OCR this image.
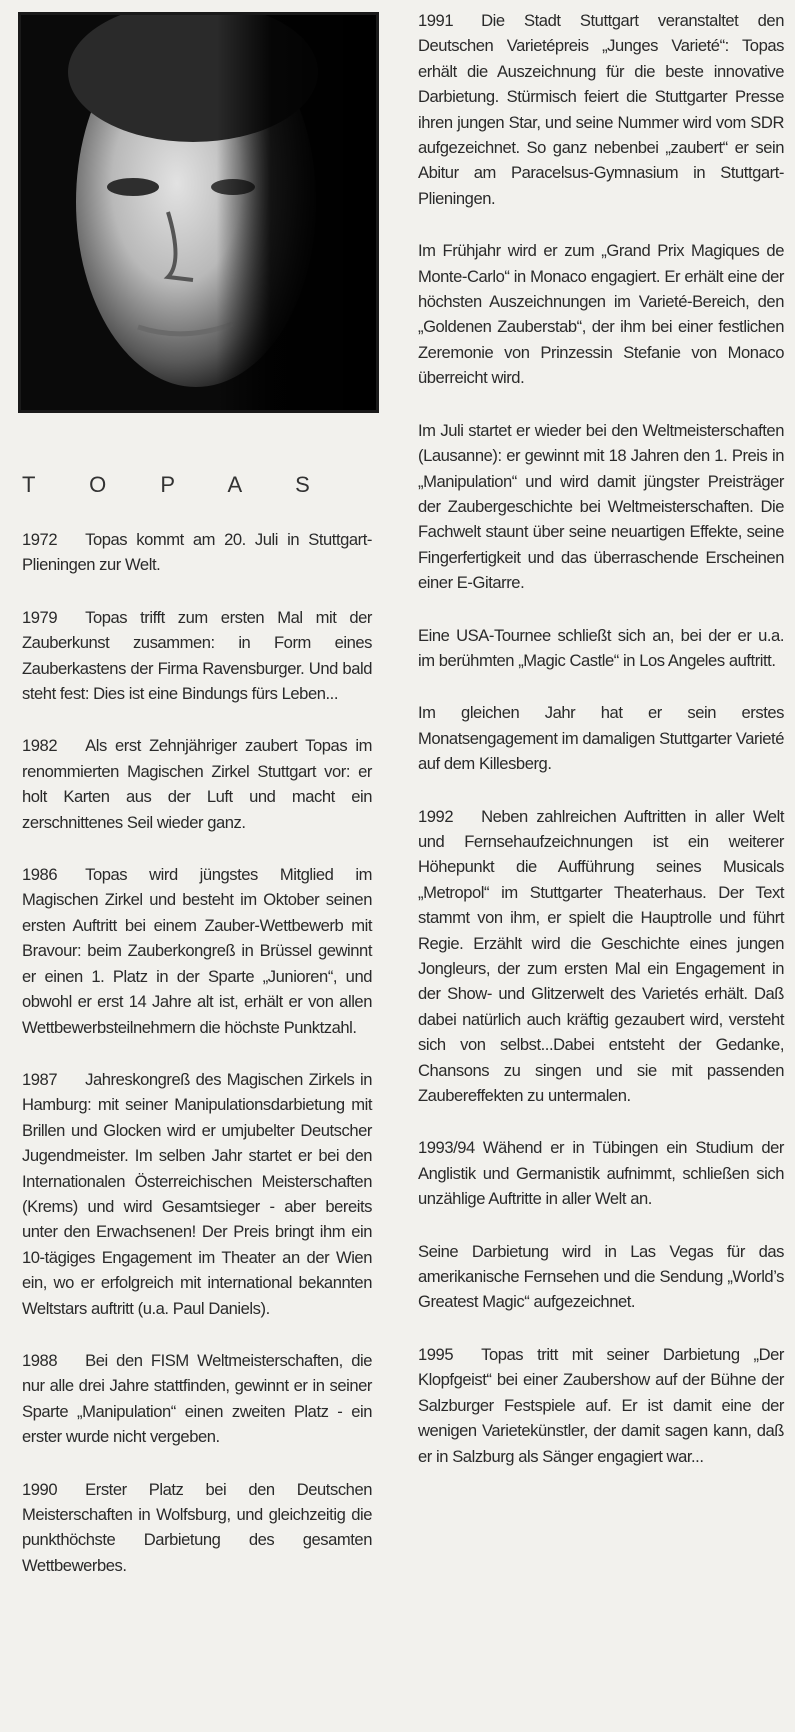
T O P A S

1972 Topas kommt am 20. Juli in Stuttgart-Plieningen zur Welt.

1979 Topas trifft zum ersten Mal mit der Zauberkunst zusammen: in Form eines Zauberkastens der Firma Ravensburger. Und bald steht fest: Dies ist eine Bindungs fürs Leben...

1982 Als erst Zehnjähriger zaubert Topas im renommierten Magischen Zirkel Stuttgart vor: er holt Karten aus der Luft und macht ein zerschnittenes Seil wieder ganz.

1986 Topas wird jüngstes Mitglied im Magischen Zirkel und besteht im Oktober seinen ersten Auftritt bei einem Zauber-Wettbewerb mit Bravour: beim Zauberkongreß in Brüssel gewinnt er einen 1. Platz in der Sparte „Junioren“, und obwohl er erst 14 Jahre alt ist, erhält er von allen Wettbewerbsteilnehmern die höchste Punktzahl.

1987 Jahreskongreß des Magischen Zirkels in Hamburg: mit seiner Manipulationsdarbietung mit Brillen und Glocken wird er umjubelter Deutscher Jugendmeister. Im selben Jahr startet er bei den Internationalen Österreichischen Meisterschaften (Krems) und wird Gesamtsieger - aber bereits unter den Erwachsenen! Der Preis bringt ihm ein 10-tägiges Engagement im Theater an der Wien ein, wo er erfolgreich mit international bekannten Weltstars auftritt (u.a. Paul Daniels).

1988 Bei den FISM Weltmeisterschaften, die nur alle drei Jahre stattfinden, gewinnt er in seiner Sparte „Manipulation“ einen zweiten Platz - ein erster wurde nicht vergeben.

1990 Erster Platz bei den Deutschen Meisterschaften in Wolfsburg, und gleichzeitig die punkthöchste Darbietung des gesamten Wettbewerbes.

1991 Die Stadt Stuttgart veranstaltet den Deutschen Varietépreis „Junges Varieté“: Topas erhält die Auszeichnung für die beste innovative Darbietung. Stürmisch feiert die Stuttgarter Presse ihren jungen Star, und seine Nummer wird vom SDR aufgezeichnet. So ganz nebenbei „zaubert“ er sein Abitur am Paracelsus-Gymnasium in Stuttgart-Plieningen.

Im Frühjahr wird er zum „Grand Prix Magiques de Monte-Carlo“ in Monaco engagiert. Er erhält eine der höchsten Auszeichnungen im Varieté-Bereich, den „Goldenen Zauberstab“, der ihm bei einer festlichen Zeremonie von Prinzessin Stefanie von Monaco überreicht wird.

Im Juli startet er wieder bei den Weltmeisterschaften (Lausanne): er gewinnt mit 18 Jahren den 1. Preis in „Manipulation“ und wird damit jüngster Preisträger der Zaubergeschichte bei Weltmeisterschaften. Die Fachwelt staunt über seine neuartigen Effekte, seine Fingerfertigkeit und das überraschende Erscheinen einer E-Gitarre.

Eine USA-Tournee schließt sich an, bei der er u.a. im berühmten „Magic Castle“ in Los Angeles auftritt.

Im gleichen Jahr hat er sein erstes Monatsengagement im damaligen Stuttgarter Varieté auf dem Killesberg.

1992 Neben zahlreichen Auftritten in aller Welt und Fernsehaufzeichnungen ist ein weiterer Höhepunkt die Aufführung seines Musicals „Metropol“ im Stuttgarter Theaterhaus. Der Text stammt von ihm, er spielt die Hauptrolle und führt Regie. Erzählt wird die Geschichte eines jungen Jongleurs, der zum ersten Mal ein Engagement in der Show- und Glitzerwelt des Varietés erhält. Daß dabei natürlich auch kräftig gezaubert wird, versteht sich von selbst...Dabei entsteht der Gedanke, Chansons zu singen und sie mit passenden Zaubereffekten zu untermalen.

1993/94 Wähend er in Tübingen ein Studium der Anglistik und Germanistik aufnimmt, schließen sich unzählige Auftritte in aller Welt an.

Seine Darbietung wird in Las Vegas für das amerikanische Fernsehen und die Sendung „World’s Greatest Magic“ aufgezeichnet.

1995 Topas tritt mit seiner Darbietung „Der Klopfgeist“ bei einer Zaubershow auf der Bühne der Salzburger Festspiele auf. Er ist damit eine der wenigen Varietekünstler, der damit sagen kann, daß er in Salzburg als Sänger engagiert war...
